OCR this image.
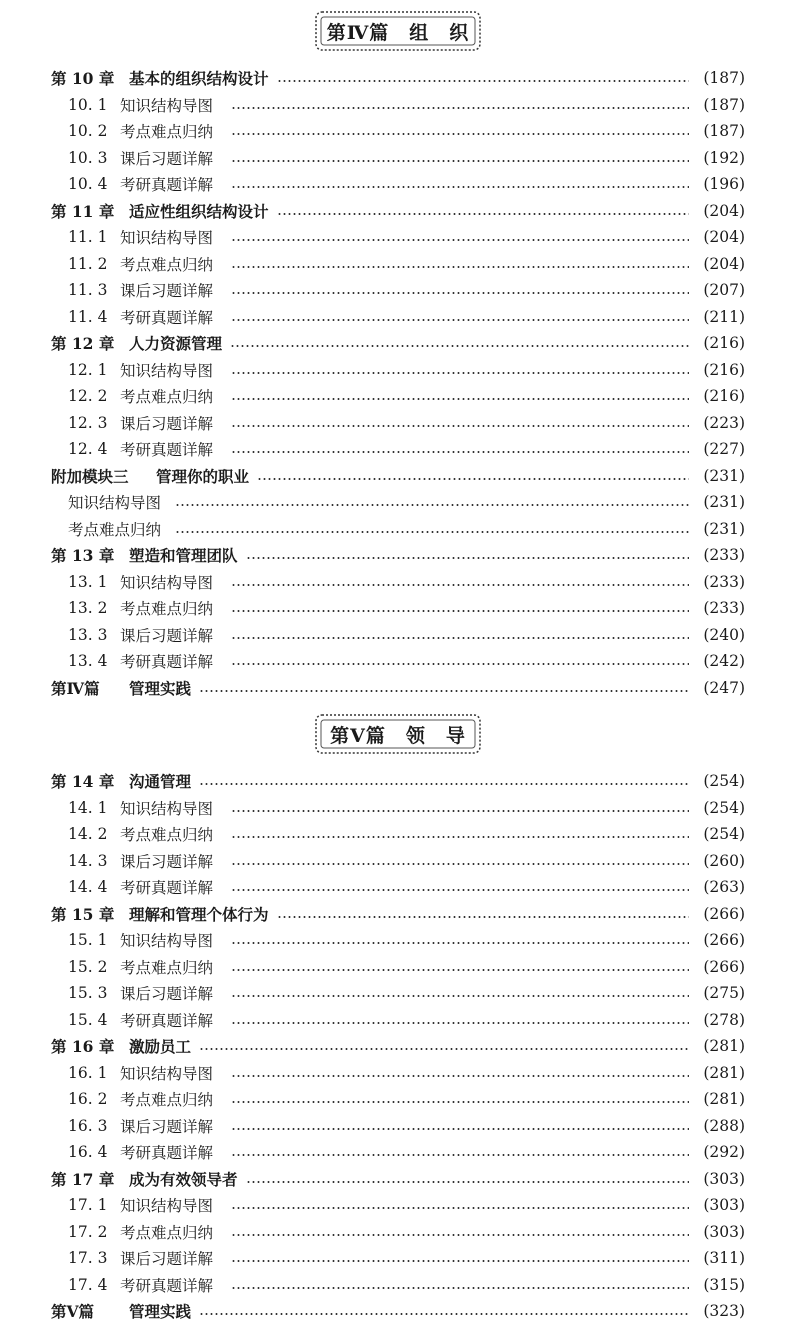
第Ⅳ篇　组　织
第 10 章 基本的组织结构设计	(187)
10. 1 知识结构导图	(187)
10. 2 考点难点归纳	(187)
10. 3 课后习题详解	(192)
10. 4 考研真题详解	(196)
第 11 章 适应性组织结构设计	(204)
11. 1 知识结构导图	(204)
11. 2 考点难点归纳	(204)
11. 3 课后习题详解	(207)
11. 4 考研真题详解	(211)
第 12 章 人力资源管理	(216)
12. 1 知识结构导图	(216)
12. 2 考点难点归纳	(216)
12. 3 课后习题详解	(223)
12. 4 考研真题详解	(227)
附加模块三	管理你的职业	(231)
知识结构导图	(231)
考点难点归纳	(231)
第 13 章 塑造和管理团队	(233)
13. 1 知识结构导图	(233)
13. 2 考点难点归纳	(233)
13. 3 课后习题详解	(240)
13. 4 考研真题详解	(242)
第Ⅳ篇	管理实践	(247)
第Ⅴ篇　领　导
第 14 章 沟通管理	(254)
14. 1 知识结构导图	(254)
14. 2 考点难点归纳	(254)
14. 3 课后习题详解	(260)
14. 4 考研真题详解	(263)
第 15 章 理解和管理个体行为	(266)
15. 1 知识结构导图	(266)
15. 2 考点难点归纳	(266)
15. 3 课后习题详解	(275)
15. 4 考研真题详解	(278)
第 16 章 激励员工	(281)
16. 1 知识结构导图	(281)
16. 2 考点难点归纳	(281)
16. 3 课后习题详解	(288)
16. 4 考研真题详解	(292)
第 17 章 成为有效领导者	(303)
17. 1 知识结构导图	(303)
17. 2 考点难点归纳	(303)
17. 3 课后习题详解	(311)
17. 4 考研真题详解	(315)
第Ⅴ篇	管理实践	(323)
